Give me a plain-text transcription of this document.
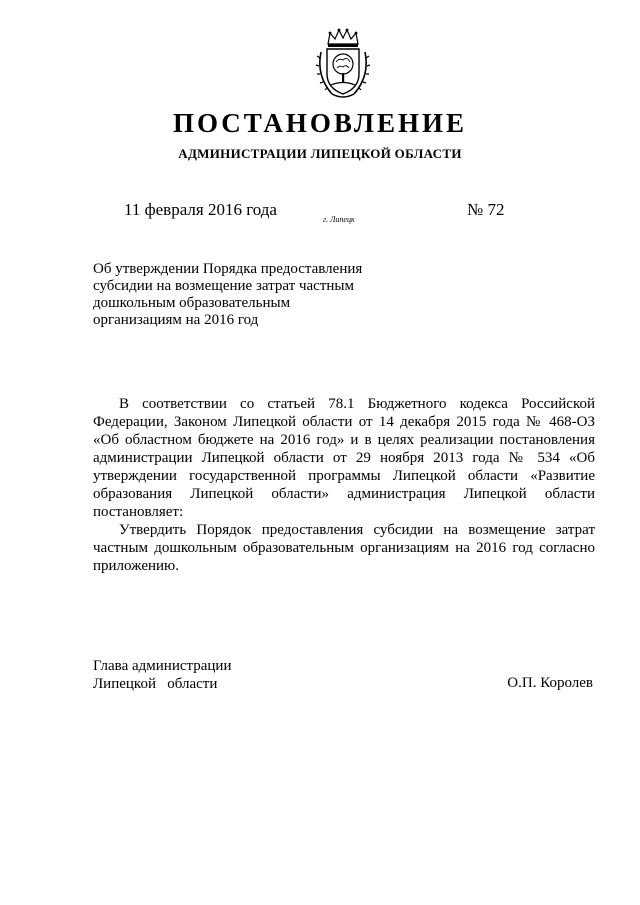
ПОСТАНОВЛЕНИЕ
АДМИНИСТРАЦИИ ЛИПЕЦКОЙ ОБЛАСТИ
11 февраля 2016 года
г. Липецк
№ 72
Об утверждении Порядка предоставления
субсидии на возмещение затрат частным
дошкольным образовательным
организациям на 2016 год

В соответствии со статьей 78.1 Бюджетного кодекса Российской Федерации, Законом Липецкой области от 14 декабря 2015 года № 468-ОЗ «Об областном бюджете на 2016 год» и в целях реализации постановления администрации Липецкой области от 29 ноября 2013 года № 534 «Об утверждении государственной программы Липецкой области «Развитие образования Липецкой области» администрация Липецкой области постановляет:

Утвердить Порядок предоставления субсидии на возмещение затрат частным дошкольным образовательным организациям на 2016 год согласно приложению.

Глава администрации
Липецкой   области	О.П. Королев
